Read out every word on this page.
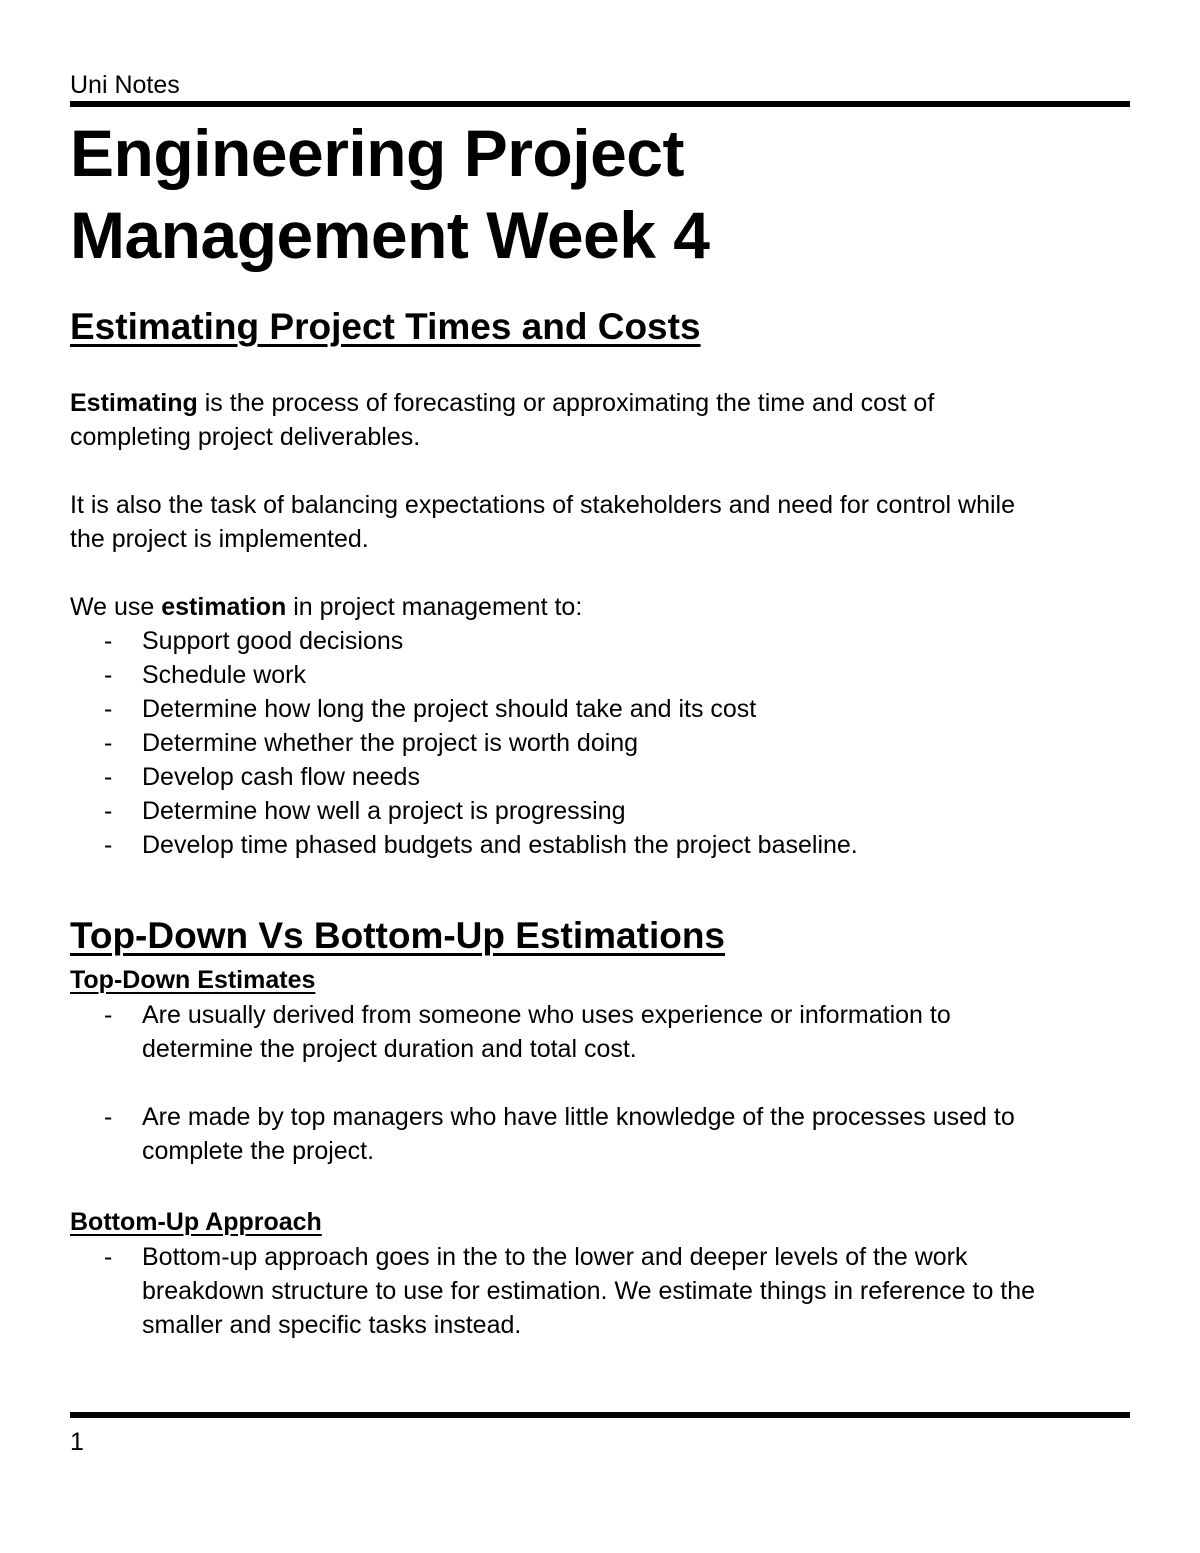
Uni Notes

Engineering Project
Management Week 4
Estimating Project Times and Costs

Estimating is the process of forecasting or approximating the time and cost of
completing project deliverables.

It is also the task of balancing expectations of stakeholders and need for control while
the project is implemented.

We use estimation in project management to:

- Support good decisions
- Schedule work
- Determine how long the project should take and its cost
- Determine whether the project is worth doing
- Develop cash flow needs
- Determine how well a project is progressing
- Develop time phased budgets and establish the project baseline.
Top-Down Vs Bottom-Up Estimations
Top-Down Estimates
- Are usually derived from someone who uses experience or information to
determine the project duration and total cost.
- Are made by top managers who have little knowledge of the processes used to
complete the project.
Bottom-Up Approach
- Bottom-up approach goes in the to the lower and deeper levels of the work
breakdown structure to use for estimation. We estimate things in reference to the
smaller and specific tasks instead.

1
